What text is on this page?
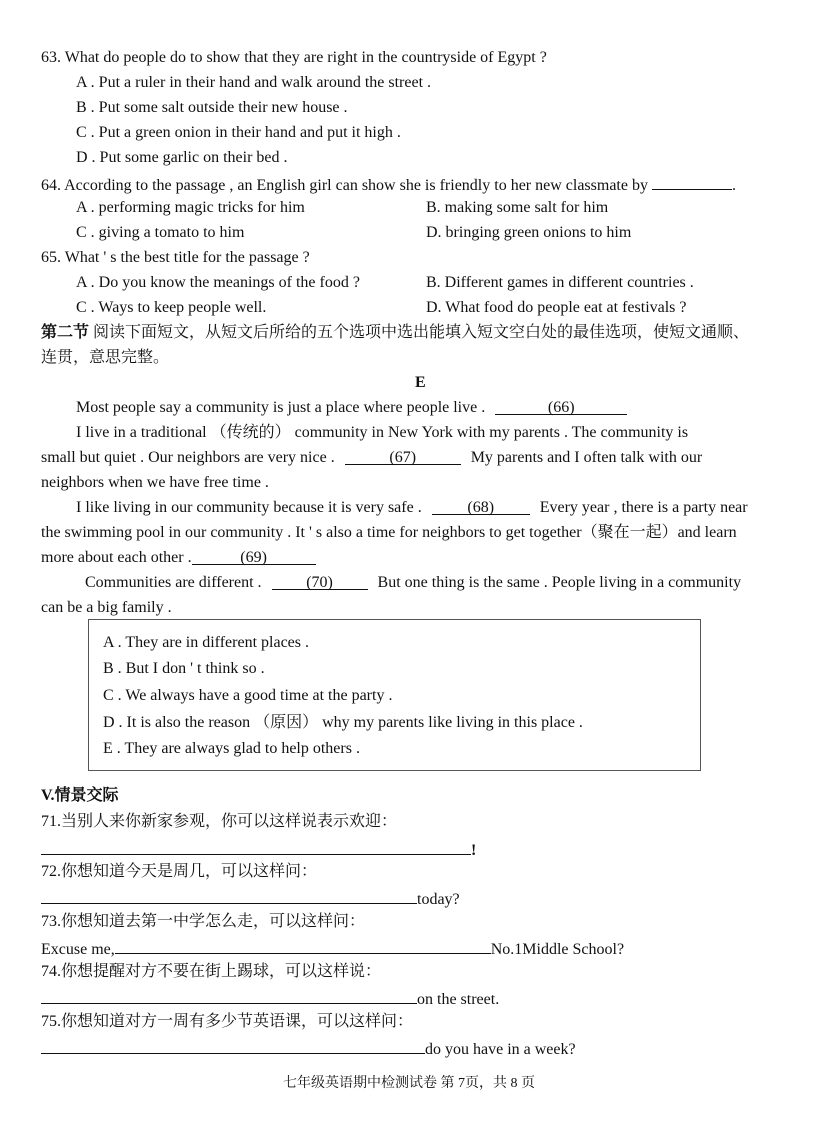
63. What do people do to show that they are right in the countryside of Egypt ?
A . Put a ruler in their hand and walk around the street .
B . Put some salt outside their new house .
C . Put a green onion in their hand and put it high .
D . Put some garlic on their bed .
64. According to the passage , an English girl can show she is friendly to her new classmate by	.
A . performing magic tricks for him	B. making some salt for him
C . giving a tomato to him	D. bringing green onions to him
65. What ' s the best title for the passage ?
A . Do you know the meanings of the food ?	B. Different games in different countries .
C . Ways to keep people well.	D. What food do people eat at festivals ?
第二节 阅读下面短文，从短文后所给的五个选项中选出能填入短文空白处的最佳选项，使短文通顺、
连贯，意思完整。
E
Most people say a community is just a place where people live .	(66)
I live in a traditional （传统的） community in New York with my parents . The community is
small but quiet . Our neighbors are very nice .	(67)	My parents and I often talk with our
neighbors when we have free time .
I like living in our community because it is very safe .	(68)	Every year , there is a party near
the swimming pool in our community . It ' s also a time for neighbors to get together（聚在一起）and learn
more about each other .	(69)
Communities are different .	(70)	But one thing is the same . People living in a community
can be a big family .
A . They are in different places .
B . But I don ' t think so .
C . We always have a good time at the party .
D . It is also the reason （原因） why my parents like living in this place .
E . They are always glad to help others .
V.情景交际
71.当别人来你新家参观，你可以这样说表示欢迎：
!
72.你想知道今天是周几，可以这样问：
today?
73.你想知道去第一中学怎么走，可以这样问：
Excuse me,	No.1Middle School?
74.你想提醒对方不要在街上踢球，可以这样说：
on the street.
75.你想知道对方一周有多少节英语课，可以这样问：
do you have in a week?
七年级英语期中检测试卷 第 7页，共 8 页
